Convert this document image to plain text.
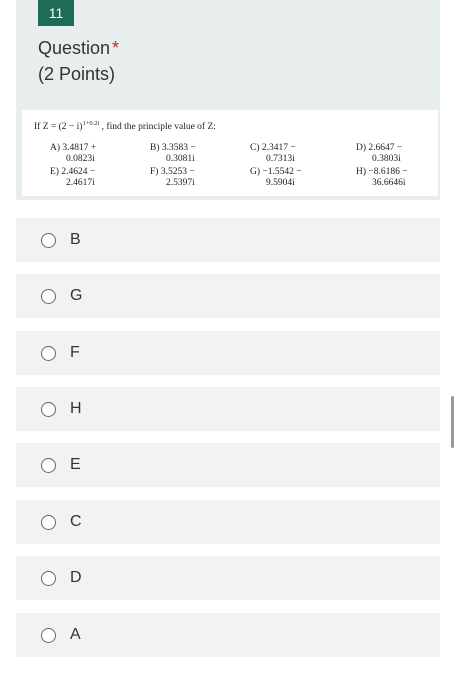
11
Question *
(2 Points)
If $Z = (2 - i)^{1+0.2i}$ , find the principle value of Z:
A) 3.4817 +
0.0823i
B) 3.3583 −
0.3081i
C) 2.3417 −
0.7313i
D) 2.6647 −
0.3803i
E) 2.4624 −
2.4617i
F) 3.5253 −
2.5397i
G) −1.5542 −
9.5904i
H) −8.6186 −
36.6646i
B
G
F
H
E
C
D
A
